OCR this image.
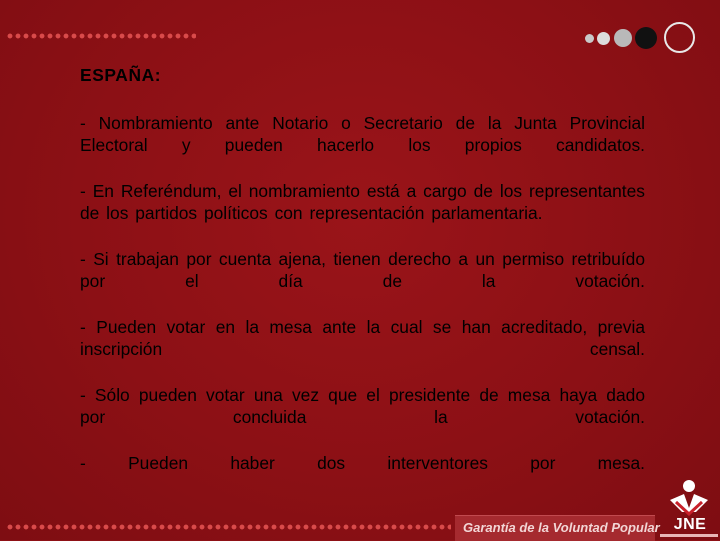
ESPAÑA:

- Nombramiento ante Notario o Secretario de la Junta Provincial Electoral y pueden hacerlo los propios candidatos.

- En Referéndum, el nombramiento está a cargo de los representantes de los partidos políticos con representación parlamentaria.

- Si trabajan por cuenta ajena, tienen derecho a un permiso retribuído por el día de la votación.

- Pueden votar en la mesa ante la cual se han acreditado, previa

inscripción	censal.

- Sólo pueden votar una vez que el presidente de mesa haya dado por concluida la votación.

- Pueden haber dos interventores por mesa.

Garantía de la Voluntad Popular JNE
